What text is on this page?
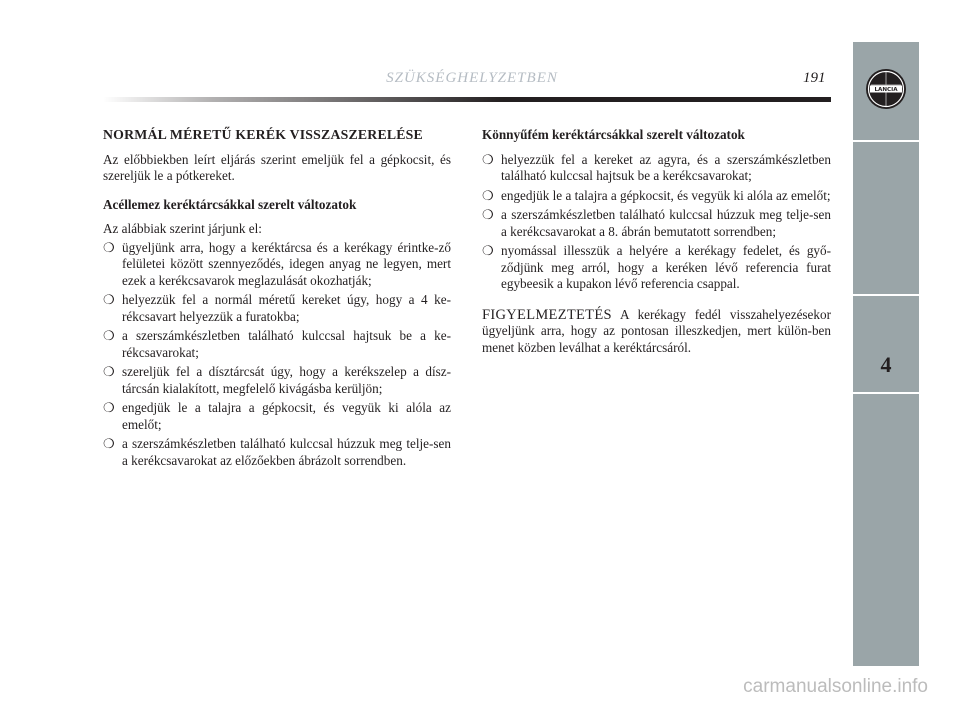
SZÜKSÉGHELYZETBEN	191
LANCIA
4
NORMÁL MÉRETŰ KERÉK VISSZASZERELÉSE
Az előbbiekben leírt eljárás szerint emeljük fel a gépkocsit, és szereljük le a pótkereket.
Acéllemez keréktárcsákkal szerelt változatok
Az alábbiak szerint járjunk el:
❍ ügyeljünk arra, hogy a keréktárcsa és a kerékagy érintke-ző felületei között szennyeződés, idegen anyag ne legyen, mert ezek a kerékcsavarok meglazulását okozhatják;
❍ helyezzük fel a normál méretű kereket úgy, hogy a 4 ke-rékcsavart helyezzük a furatokba;
❍ a szerszámkészletben található kulccsal hajtsuk be a ke-rékcsavarokat;
❍ szereljük fel a dísztárcsát úgy, hogy a kerékszelep a dísz-tárcsán kialakított, megfelelő kivágásba kerüljön;
❍ engedjük le a talajra a gépkocsit, és vegyük ki alóla az emelőt;
❍ a szerszámkészletben található kulccsal húzzuk meg telje-sen a kerékcsavarokat az előzőekben ábrázolt sorrendben.
Könnyűfém keréktárcsákkal szerelt változatok
❍ helyezzük fel a kereket az agyra, és a szerszámkészletben található kulccsal hajtsuk be a kerékcsavarokat;
❍ engedjük le a talajra a gépkocsit, és vegyük ki alóla az emelőt;
❍ a szerszámkészletben található kulccsal húzzuk meg telje-sen a kerékcsavarokat a 8. ábrán bemutatott sorrendben;
❍ nyomással illesszük a helyére a kerékagy fedelet, és győ-ződjünk meg arról, hogy a keréken lévő referencia furat egybeesik a kupakon lévő referencia csappal.
FIGYELMEZTETÉS A kerékagy fedél visszahelyezésekor ügyeljünk arra, hogy az pontosan illeszkedjen, mert külön-ben menet közben leválhat a keréktárcsáról.
carmanualsonline.info
